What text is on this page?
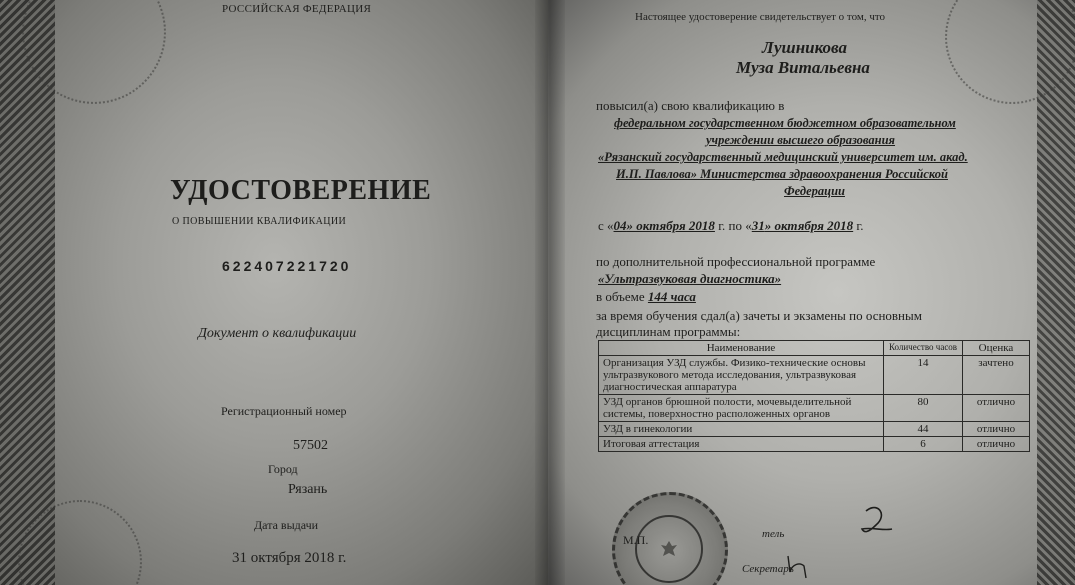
РОССИЙСКАЯ ФЕДЕРАЦИЯ
УДОСТОВЕРЕНИЕ
О ПОВЫШЕНИИ КВАЛИФИКАЦИИ
622407221720
Документ о квалификации
Регистрационный номер
57502
Город
Рязань
Дата выдачи
31 октября 2018 г.
Настоящее удостоверение свидетельствует о том, что
Лушникова
Муза Витальевна
повысил(а) свою квалификацию в
федеральном государственном бюджетном образовательном
учреждении высшего образования
«Рязанский государственный медицинский университет им. акад.
И.П. Павлова» Министерства здравоохранения Российской
Федерации
с «04» октября 2018 г. по «31» октября 2018 г.
по дополнительной профессиональной программе
«Ультразвуковая диагностика»
в объеме 144 часа
за время обучения сдал(а) зачеты и экзамены по основным
дисциплинам программы:
Наименование	Количество часов	Оценка
Организация УЗД службы. Физико-технические основы ультразвукового метода исследования, ультразвуковая диагностическая аппаратура	14	зачтено
УЗД органов брюшной полости, мочевыделительной системы, поверхностно расположенных органов	80	отлично
УЗД в гинекологии	44	отлично
Итоговая аттестация	6	отлично
М.П.	тель
Секретарь
